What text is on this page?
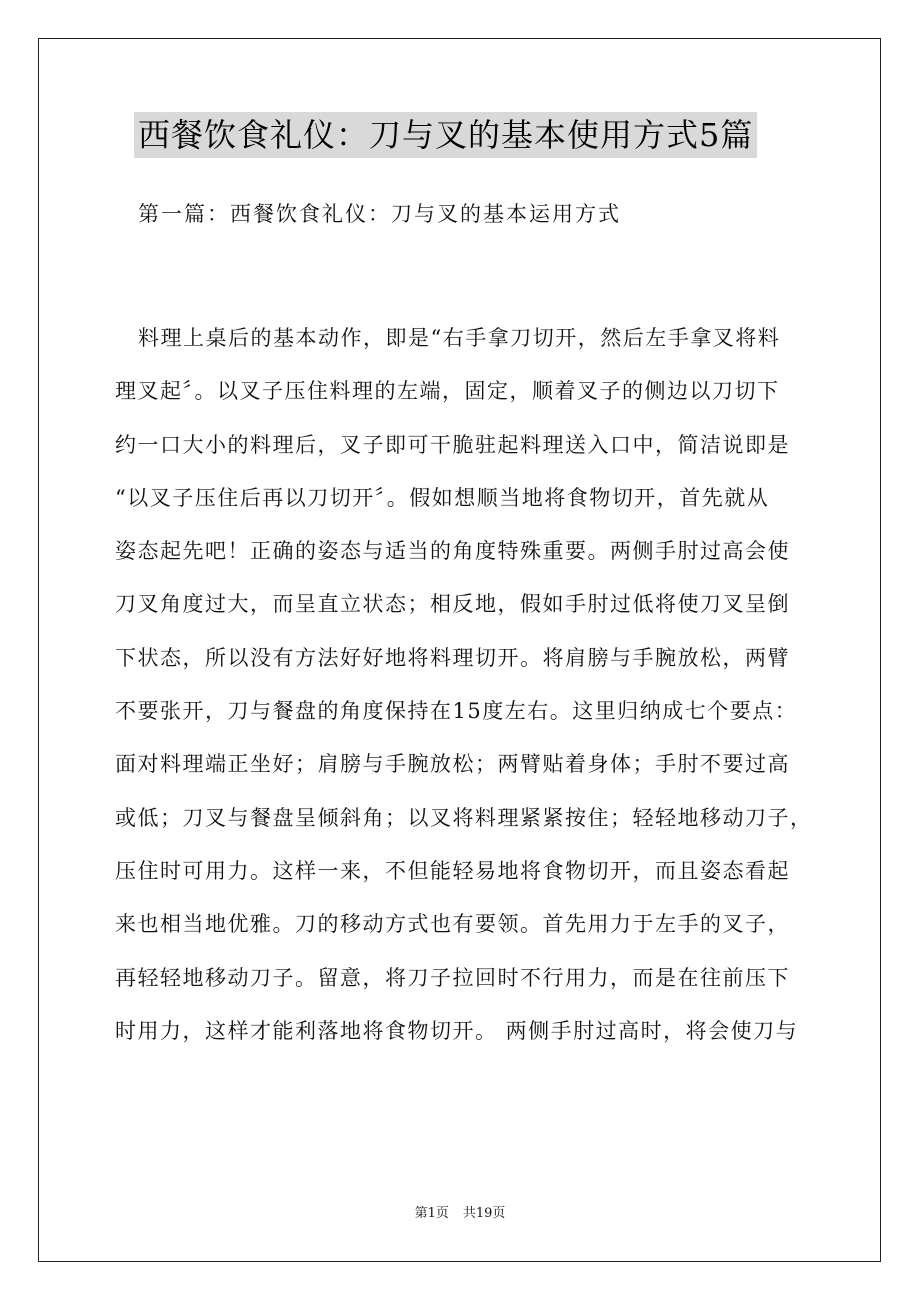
西餐饮食礼仪：刀与叉的基本使用方式5篇
第一篇：西餐饮食礼仪：刀与叉的基本运用方式
料理上桌后的基本动作，即是“右手拿刀切开，然后左手拿叉将料
理叉起〞。以叉子压住料理的左端，固定，顺着叉子的侧边以刀切下
约一口大小的料理后，叉子即可干脆驻起料理送入口中，简洁说即是
“以叉子压住后再以刀切开〞。假如想顺当地将食物切开，首先就从
姿态起先吧！正确的姿态与适当的角度特殊重要。两侧手肘过高会使
刀叉角度过大，而呈直立状态；相反地，假如手肘过低将使刀叉呈倒
下状态，所以没有方法好好地将料理切开。将肩膀与手腕放松，两臂
不要张开，刀与餐盘的角度保持在15度左右。这里归纳成七个要点：
面对料理端正坐好；肩膀与手腕放松；两臂贴着身体；手肘不要过高
或低；刀叉与餐盘呈倾斜角；以叉将料理紧紧按住；轻轻地移动刀子，
压住时可用力。这样一来，不但能轻易地将食物切开，而且姿态看起
来也相当地优雅。刀的移动方式也有要领。首先用力于左手的叉子，
再轻轻地移动刀子。留意，将刀子拉回时不行用力，而是在往前压下
时用力，这样才能利落地将食物切开。 两侧手肘过高时，将会使刀与
第1页 共19页
